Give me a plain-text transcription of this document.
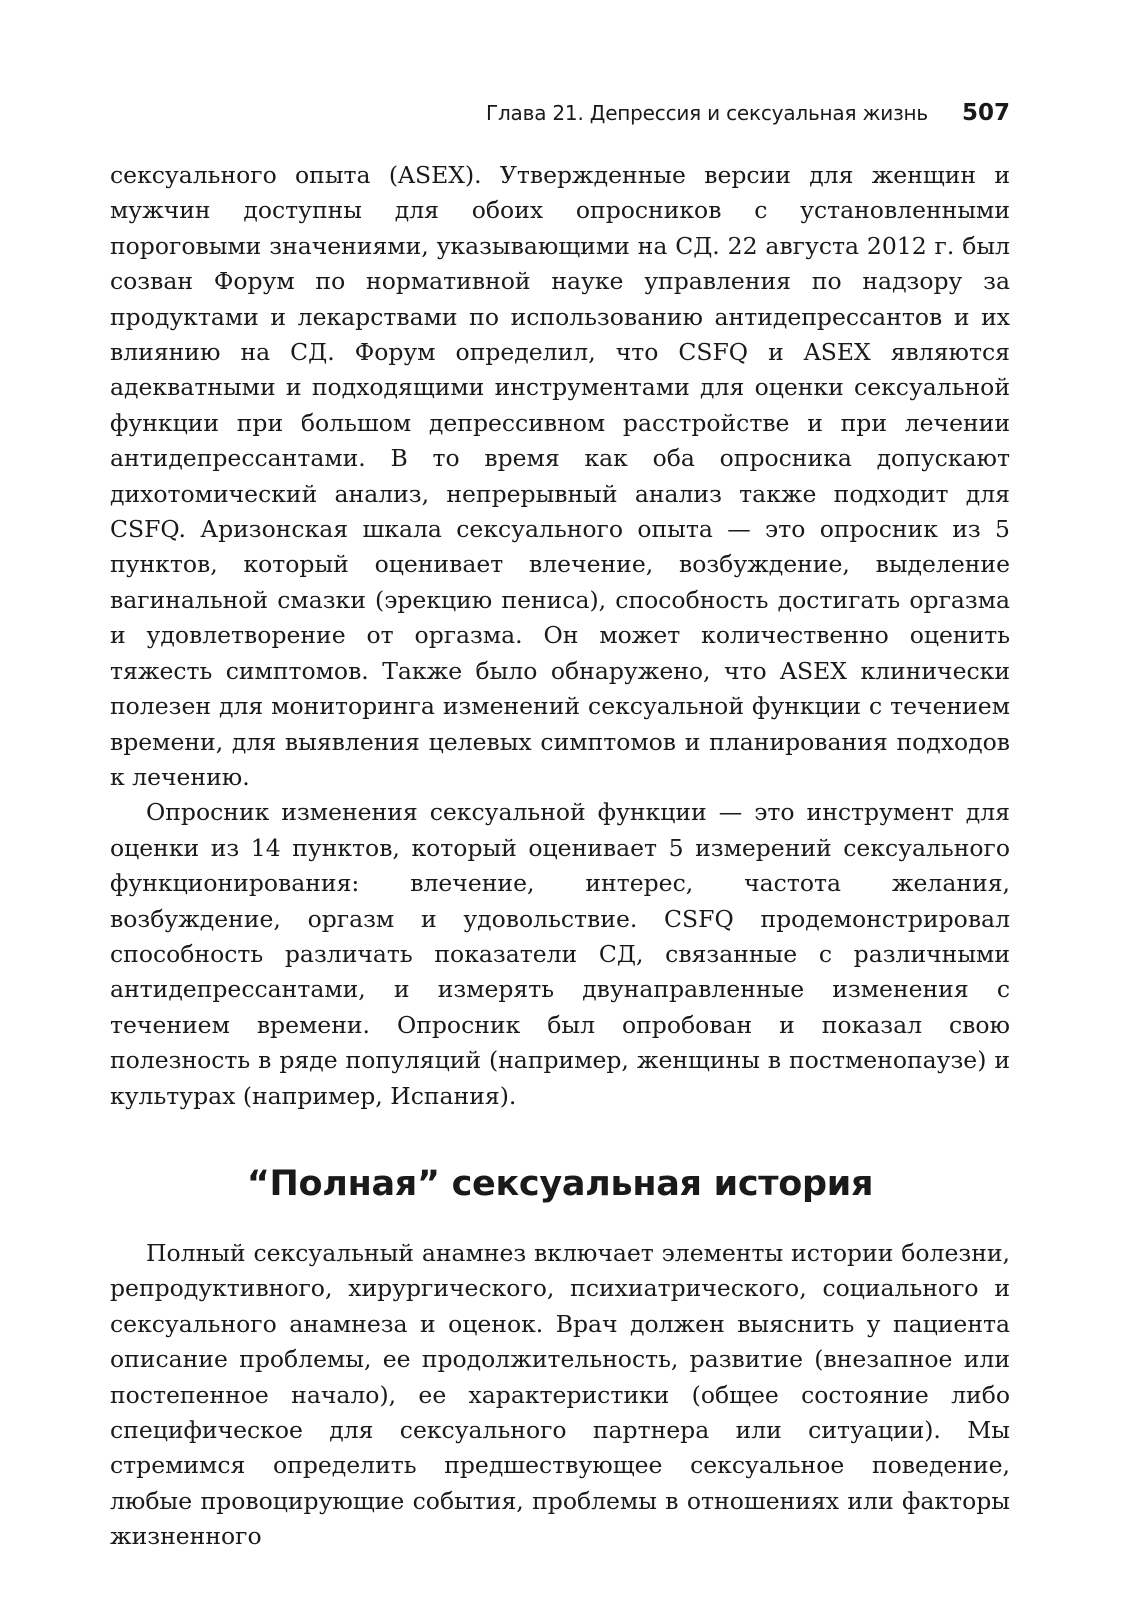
Глава 21. Депрессия и сексуальная жизнь 507

сексуального опыта (ASEX). Утвержденные версии для женщин и мужчин доступны для обоих опросников с установленными пороговыми значениями, указывающими на СД. 22 августа 2012 г. был созван Форум по нормативной науке управления по надзору за продуктами и лекарствами по использованию антидепрессантов и их влиянию на СД. Форум определил, что CSFQ и ASEX являются адекватными и подходящими инструментами для оценки сексуальной функции при большом депрессивном расстройстве и при лечении антидепрессантами. В то время как оба опросника допускают дихотомический анализ, непрерывный анализ также подходит для CSFQ. Аризонская шкала сексуального опыта — это опросник из 5 пунктов, который оценивает влечение, возбуждение, выделение вагинальной смазки (эрекцию пениса), способность достигать оргазма и удовлетворение от оргазма. Он может количественно оценить тяжесть симптомов. Также было обнаружено, что ASEX клинически полезен для мониторинга изменений сексуальной функции с течением времени, для выявления целевых симптомов и планирования подходов к лечению.

Опросник изменения сексуальной функции — это инструмент для оценки из 14 пунктов, который оценивает 5 измерений сексуального функционирования: влечение, интерес, частота желания, возбуждение, оргазм и удовольствие. CSFQ продемонстрировал способность различать показатели СД, связанные с различными антидепрессантами, и измерять двунаправленные изменения с течением времени. Опросник был опробован и показал свою полезность в ряде популяций (например, женщины в постменопаузе) и культурах (например, Испания).

“Полная” сексуальная история

Полный сексуальный анамнез включает элементы истории болезни, репродуктивного, хирургического, психиатрического, социального и сексуального анамнеза и оценок. Врач должен выяснить у пациента описание проблемы, ее продолжительность, развитие (внезапное или постепенное начало), ее характеристики (общее состояние либо специфическое для сексуального партнера или ситуации). Мы стремимся определить предшествующее сексуальное поведение, любые провоцирующие события, проблемы в отношениях или факторы жизненного
